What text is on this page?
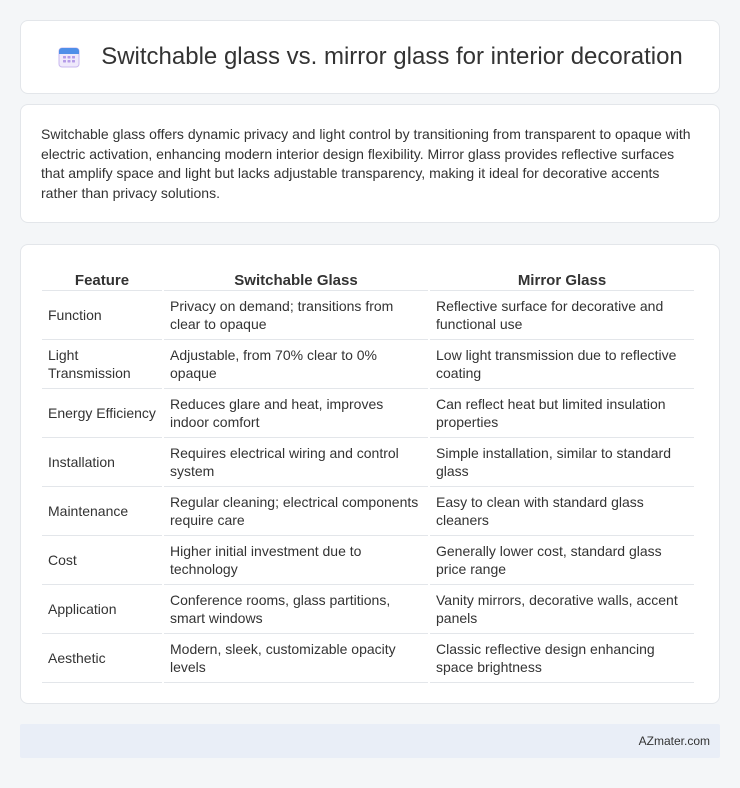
Switchable glass vs. mirror glass for interior decoration

Switchable glass offers dynamic privacy and light control by transitioning from transparent to opaque with electric activation, enhancing modern interior design flexibility. Mirror glass provides reflective surfaces that amplify space and light but lacks adjustable transparency, making it ideal for decorative accents rather than privacy solutions.

Feature	Switchable Glass	Mirror Glass
Function	Privacy on demand; transitions from clear to opaque	Reflective surface for decorative and functional use
Light Transmission	Adjustable, from 70% clear to 0% opaque	Low light transmission due to reflective coating
Energy Efficiency	Reduces glare and heat, improves indoor comfort	Can reflect heat but limited insulation properties
Installation	Requires electrical wiring and control system	Simple installation, similar to standard glass
Maintenance	Regular cleaning; electrical components require care	Easy to clean with standard glass cleaners
Cost	Higher initial investment due to technology	Generally lower cost, standard glass price range
Application	Conference rooms, glass partitions, smart windows	Vanity mirrors, decorative walls, accent panels
Aesthetic	Modern, sleek, customizable opacity levels	Classic reflective design enhancing space brightness
AZmater.com
